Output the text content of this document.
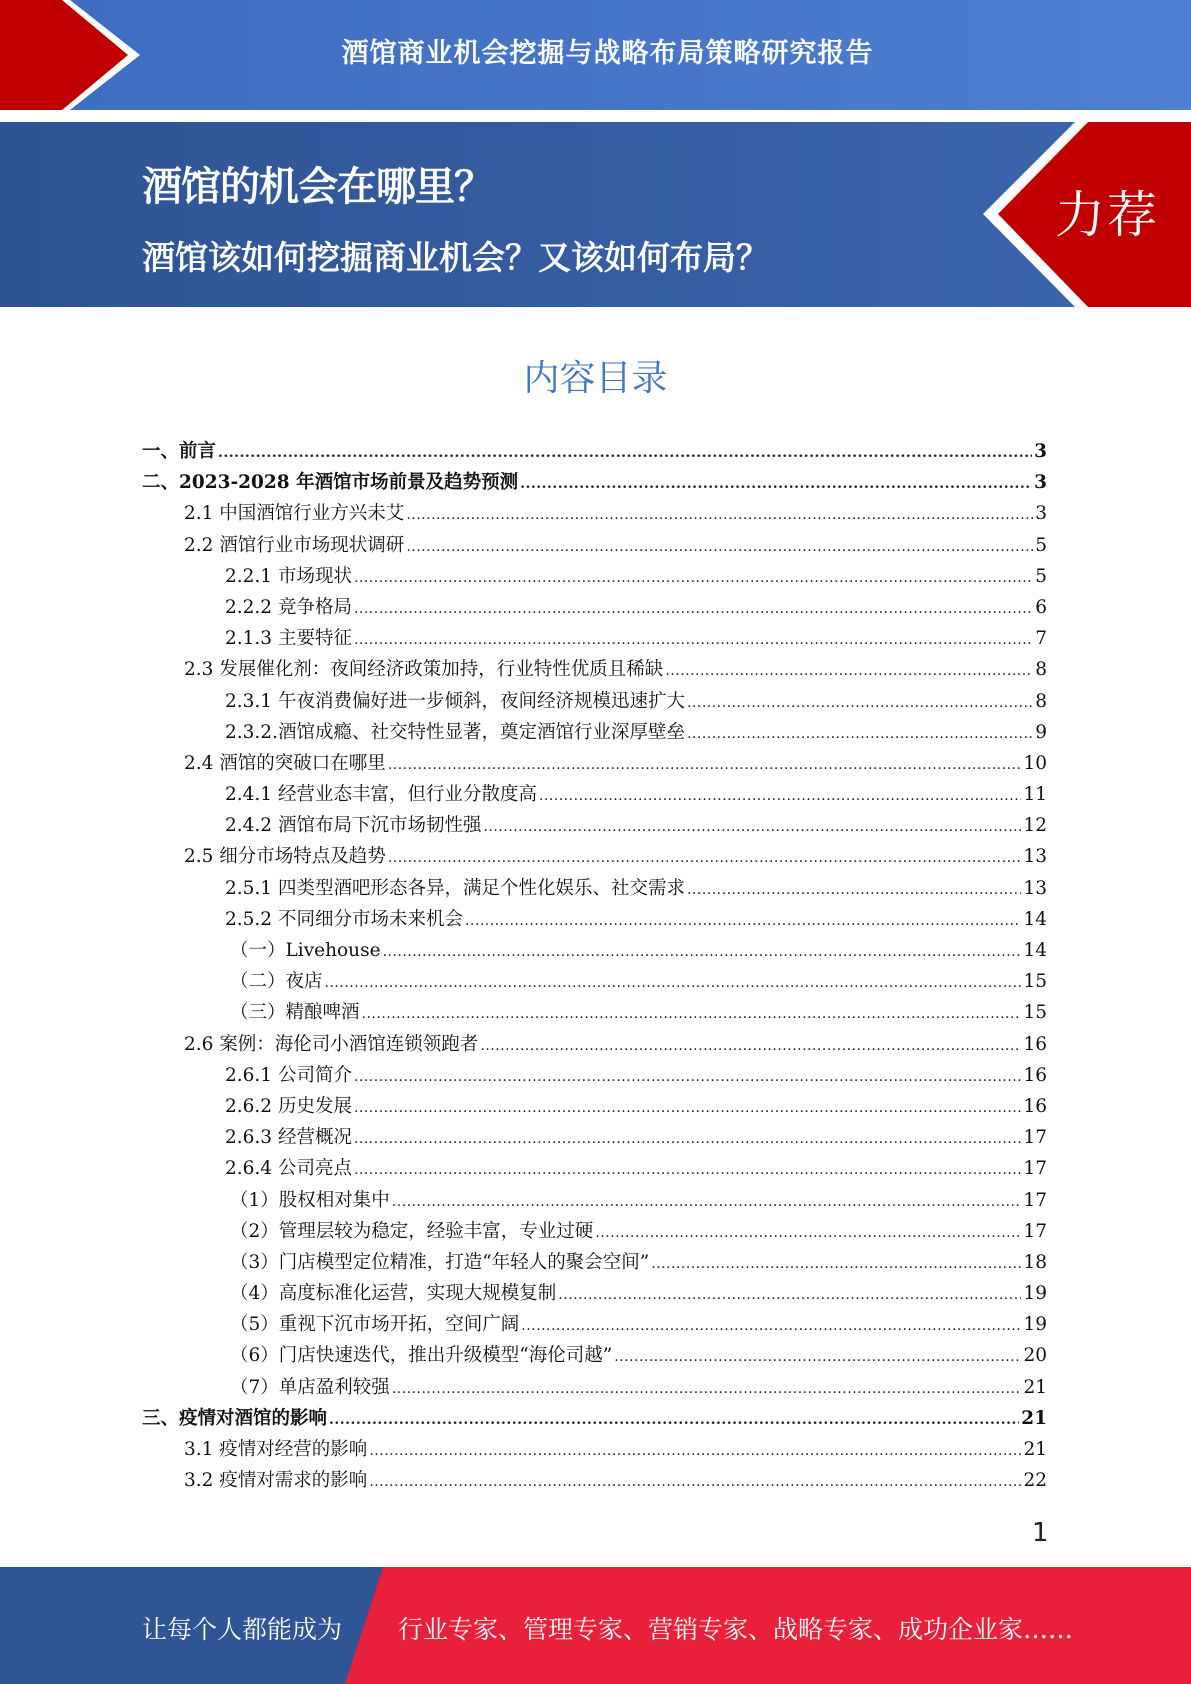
酒馆商业机会挖掘与战略布局策略研究报告
酒馆的机会在哪里？
酒馆该如何挖掘商业机会？又该如何布局？
力荐
内容目录
一、前言 .....	3
二、2023-2028 年酒馆市场前景及趋势预测 .....	3
2.1 中国酒馆行业方兴未艾 .....	3
2.2 酒馆行业市场现状调研 .....	5
2.2.1 市场现状 .....	5
2.2.2 竞争格局 .....	6
2.1.3 主要特征 .....	7
2.3 发展催化剂：夜间经济政策加持，行业特性优质且稀缺 .....	8
2.3.1 午夜消费偏好进一步倾斜，夜间经济规模迅速扩大 .....	8
2.3.2.酒馆成瘾、社交特性显著，奠定酒馆行业深厚壁垒 .....	9
2.4 酒馆的突破口在哪里 .....	10
2.4.1 经营业态丰富，但行业分散度高 .....	11
2.4.2 酒馆布局下沉市场韧性强 .....	12
2.5 细分市场特点及趋势 .....	13
2.5.1 四类型酒吧形态各异，满足个性化娱乐、社交需求 .....	13
2.5.2 不同细分市场未来机会 .....	14
（一）Livehouse .....	14
（二）夜店 .....	15
（三）精酿啤酒 .....	15
2.6 案例：海伦司小酒馆连锁领跑者 .....	16
2.6.1 公司简介 .....	16
2.6.2 历史发展 .....	16
2.6.3 经营概况 .....	17
2.6.4 公司亮点 .....	17
（1）股权相对集中 .....	17
（2）管理层较为稳定，经验丰富，专业过硬 .....	17
（3）门店模型定位精准，打造“年轻人的聚会空间” .....	18
（4）高度标准化运营，实现大规模复制 .....	19
（5）重视下沉市场开拓，空间广阔 .....	19
（6）门店快速迭代，推出升级模型“海伦司越” .....	20
（7）单店盈利较强 .....	21
三、疫情对酒馆的影响 .....	21
3.1 疫情对经营的影响 .....	21
3.2 疫情对需求的影响 .....	22
1
让每个人都能成为 行业专家、管理专家、营销专家、战略专家、成功企业家……
